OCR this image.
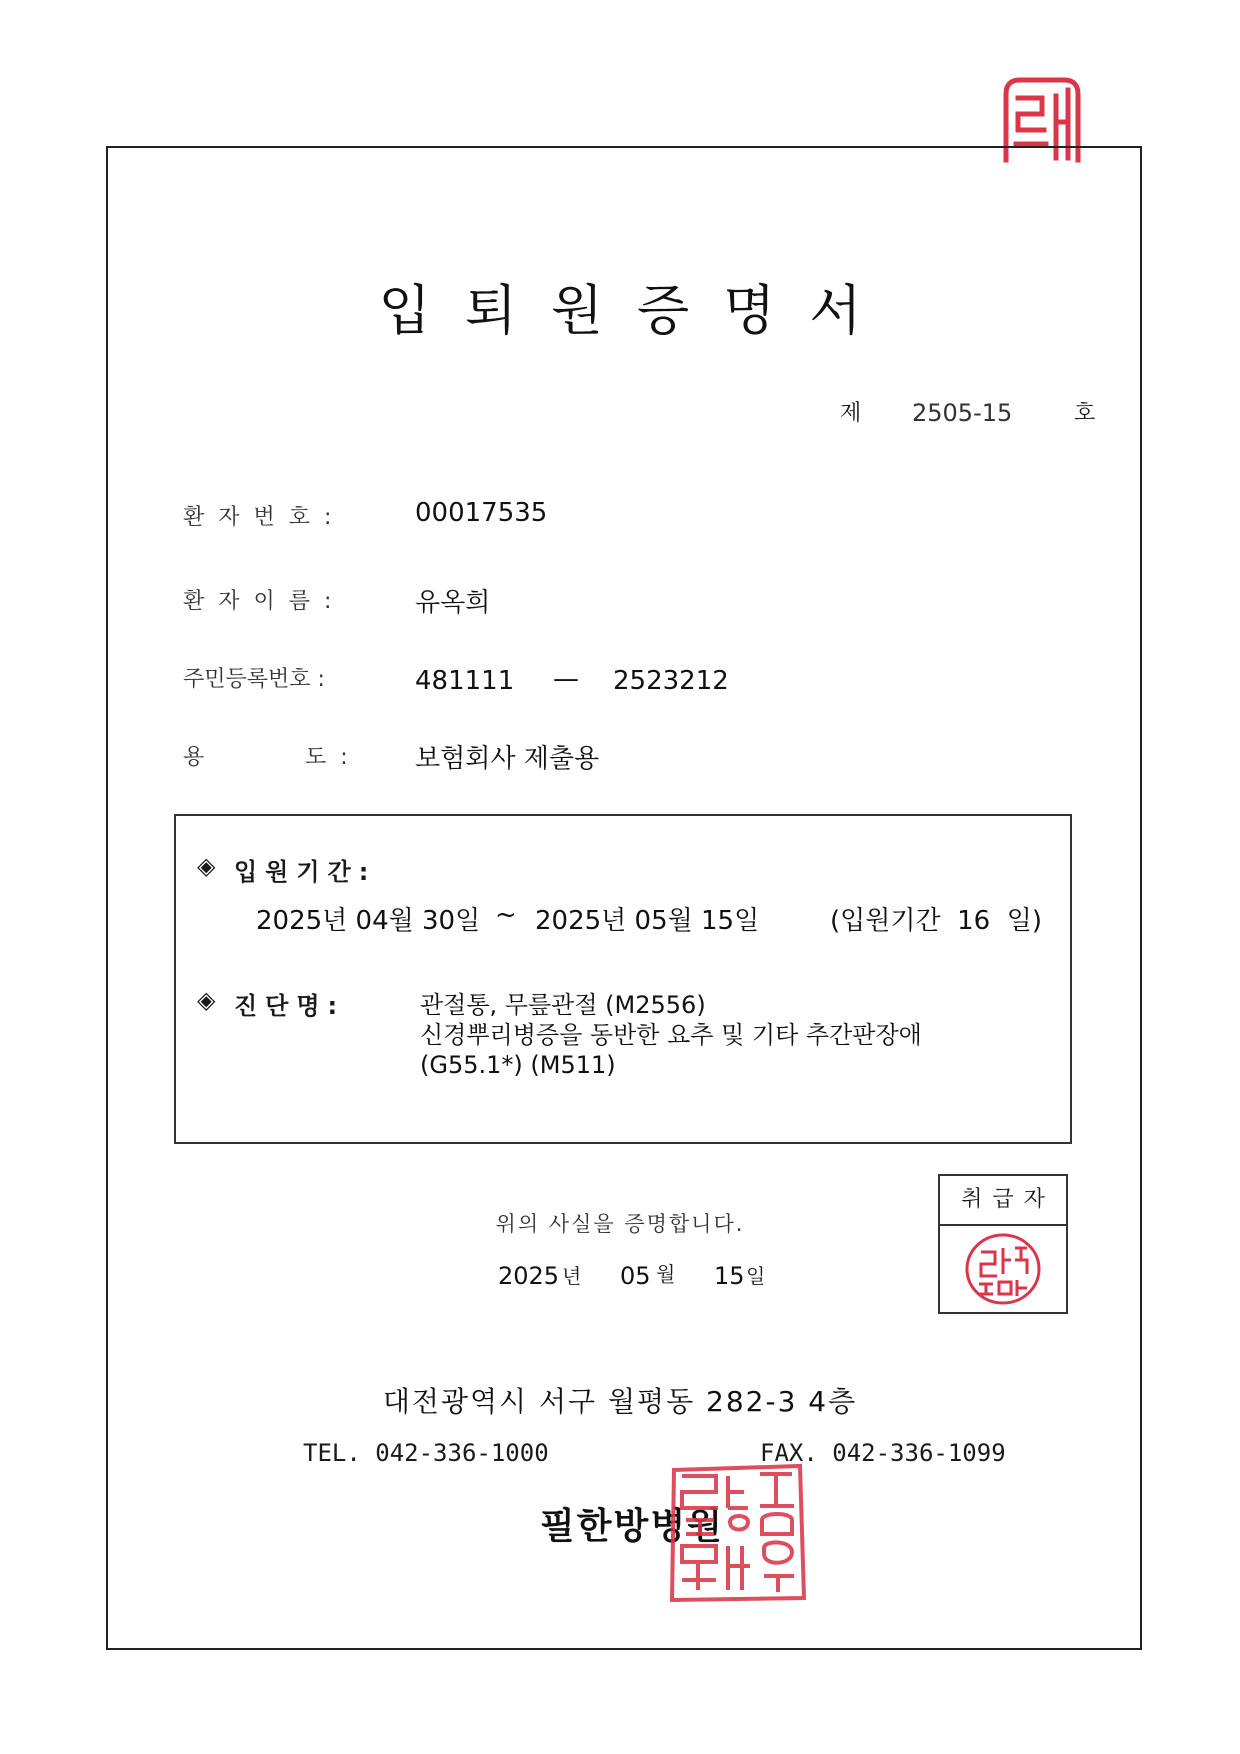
입퇴원증명서
제 2505-15	호
환자번호:	00017535
환자이름:	유옥희
주민등록번호 :	481111 — 2523212
용	도: 보험회사 제출용
◈ 입원기간:
2025년 04월 30일 ~ 2025년 05월 15일	(입원기간  16  일)
◈ 진단명:	관절통, 무릎관절 (M2556)
신경뿌리병증을 동반한 요추 및 기타 추간판장애
(G55.1*) (M511)
취급자
위의 사실을 증명합니다.
2025 년 05 월 15 일
대전광역시 서구 월평동 282-3 4층
TEL. 042-336-1000	FAX. 042-336-1099
필한방병원
